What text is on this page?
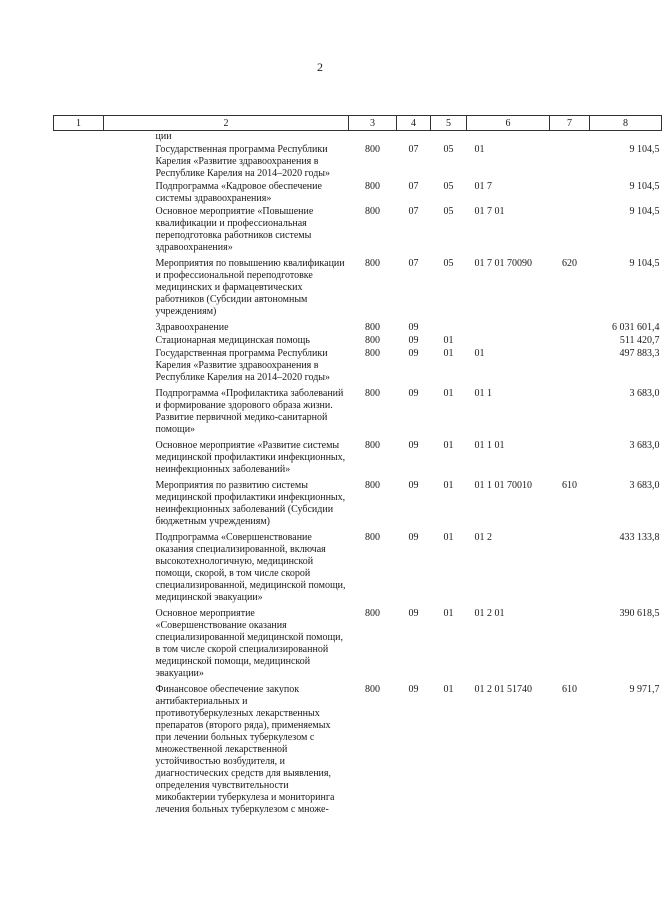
2
1	2	3	4	5	6	7	8
	ции						
	Государственная программа Республики Карелия «Развитие здравоохранения в Республике Карелия на 2014–2020 годы»	800	07	05	01		9 104,5
	Подпрограмма «Кадровое обеспечение системы здравоохранения»	800	07	05	01 7		9 104,5
	Основное мероприятие «Повышение квалификации и профессиональная переподготовка работников системы здравоохранения»	800	07	05	01 7 01		9 104,5
	Мероприятия по повышению квалификации и профессиональной переподготовке медицинских и фармацевтических работников (Субсидии автономным учреждениям)	800	07	05	01 7 01 70090	620	9 104,5
	Здравоохранение	800	09				6 031 601,4
	Стационарная медицинская помощь	800	09	01			511 420,7
	Государственная программа Республики Карелия «Развитие здравоохранения в Республике Карелия на 2014–2020 годы»	800	09	01	01		497 883,3
	Подпрограмма «Профилактика заболеваний и формирование здорового образа жизни. Развитие первичной медико-санитарной помощи»	800	09	01	01 1		3 683,0
	Основное мероприятие «Развитие системы медицинской профилактики инфекционных, неинфекционных заболеваний»	800	09	01	01 1 01		3 683,0
	Мероприятия по развитию системы медицинской профилактики инфекционных, неинфекционных заболеваний (Субсидии бюджетным учреждениям)	800	09	01	01 1 01 70010	610	3 683,0
	Подпрограмма «Совершенствование оказания специализированной, включая высокотехнологичную, медицинской помощи, скорой, в том числе скорой специализированной, медицинской помощи, медицинской эвакуации»	800	09	01	01 2		433 133,8
	Основное мероприятие «Совершенствование оказания специализированной медицинской помощи, в том числе скорой специализированной медицинской помощи, медицинской эвакуации»	800	09	01	01 2 01		390 618,5
	Финансовое обеспечение закупок антибактериальных и противотуберкулезных лекарственных препаратов (второго ряда), применяемых при лечении больных туберкулезом с множественной лекарственной устойчивостью возбудителя, и диагностических средств для выявления, определения чувствительности микобактерии туберкулеза и мониторинга лечения больных туберкулезом с множе-	800	09	01	01 2 01 51740	610	9 971,7
